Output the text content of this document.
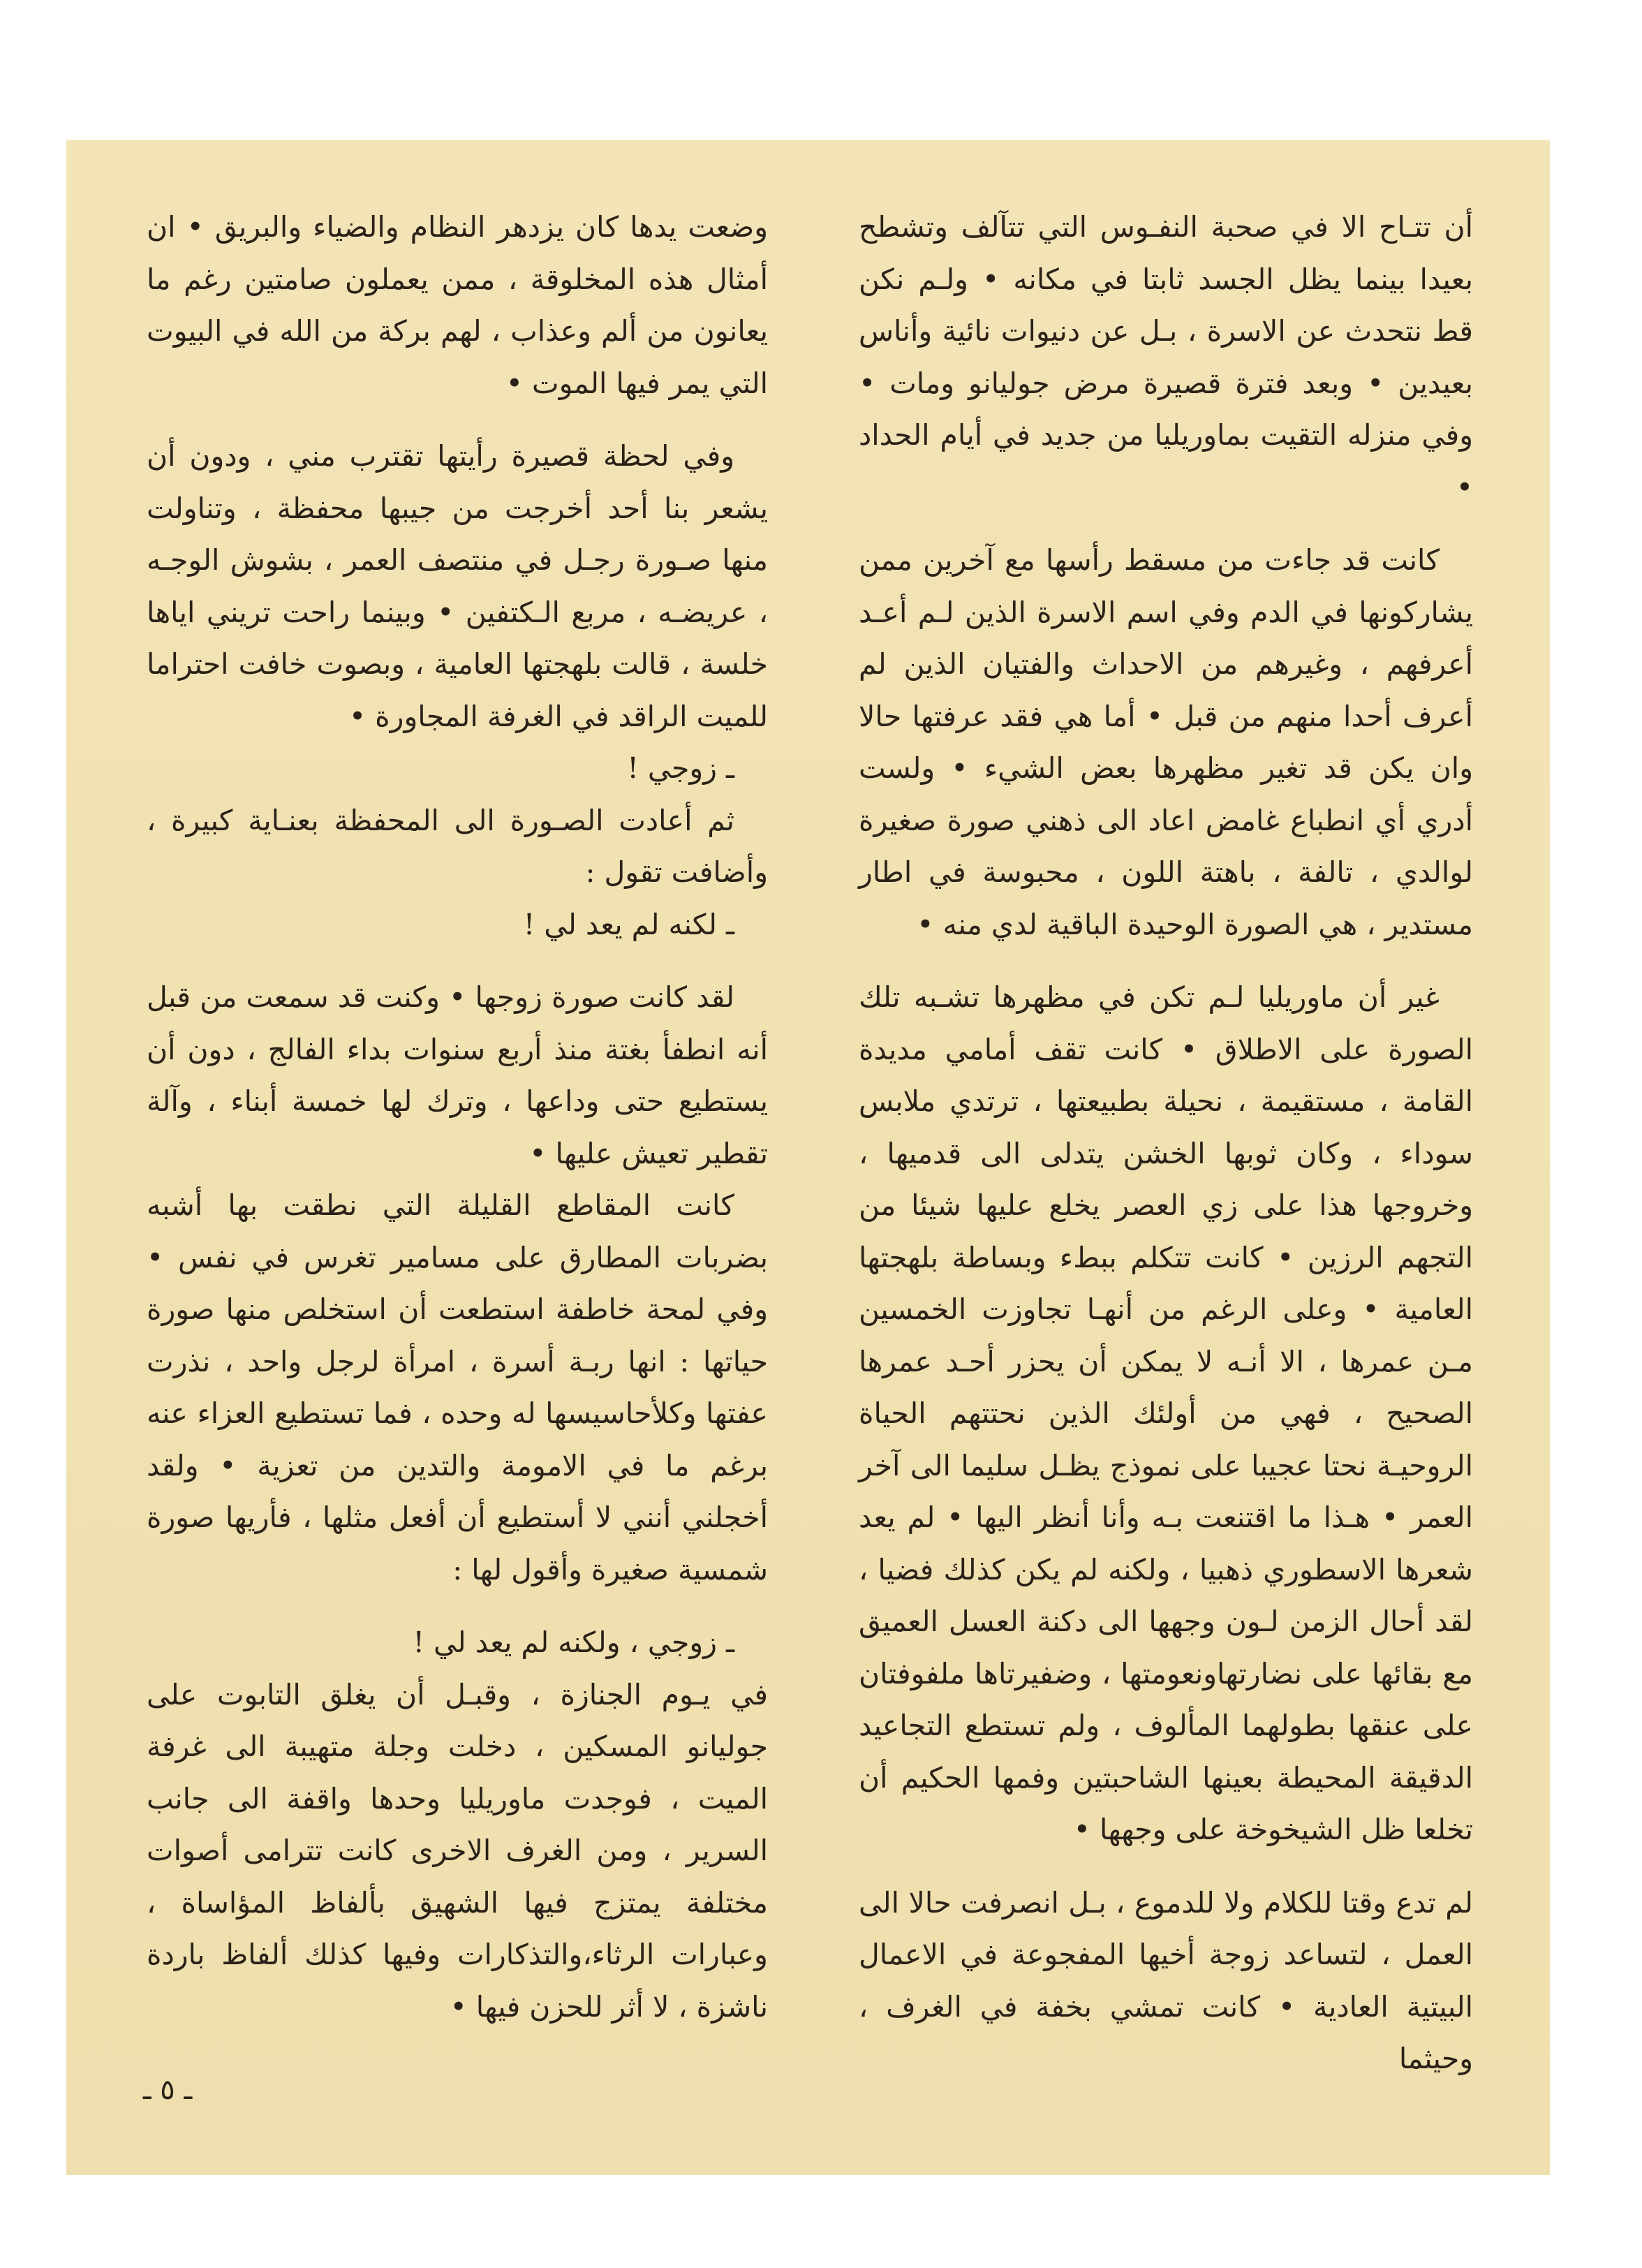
أن تتـاح الا في صحبة النفـوس التي تتآلف وتشطح بعيدا بينما يظل الجسد ثابتا في مكانه • ولـم نكن قط نتحدث عن الاسرة ، بـل عن دنيوات نائية وأناس بعيدين • وبعد فترة قصيرة مرض جوليانو ومات • وفي منزله التقيت بماوريليا من جديد في أيام الحداد •

كانت قد جاءت من مسقط رأسها مع آخرين ممن يشاركونها في الدم وفي اسم الاسرة الذين لـم أعـد أعرفهم ، وغيرهم من الاحداث والفتيان الذين لم أعرف أحدا منهم من قبل • أما هي فقد عرفتها حالا وان يكن قد تغير مظهرها بعض الشيء • ولست أدري أي انطباع غامض اعاد الى ذهني صورة صغيرة لوالدي ، تالفة ، باهتة اللون ، محبوسة في اطار مستدير ، هي الصورة الوحيدة الباقية لدي منه •

غير أن ماوريليا لـم تكن في مظهرها تشـبه تلك الصورة على الاطلاق • كانت تقف أمامي مديدة القامة ، مستقيمة ، نحيلة بطبيعتها ، ترتدي ملابس سوداء ، وكان ثوبها الخشن يتدلى الى قدميها ، وخروجها هذا على زي العصر يخلع عليها شيئا من التجهم الرزين • كانت تتكلم ببطء وبساطة بلهجتها العامية • وعلى الرغم من أنهـا تجاوزت الخمسين مـن عمرها ، الا أنـه لا يمكن أن يحزر أحـد عمرها الصحيح ، فهي من أولئك الذين نحتتهم الحياة الروحيـة نحتا عجيبا على نموذج يظـل سليما الى آخر العمر • هـذا ما اقتنعت بـه وأنا أنظر اليها • لم يعد شعرها الاسطوري ذهبيا ، ولكنه لم يكن كذلك فضيا ، لقد أحال الزمن لـون وجهها الى دكنة العسل العميق مع بقائها على نضارتهاونعومتها ، وضفيرتاها ملفوفتان على عنقها بطولهما المألوف ، ولم تستطع التجاعيد الدقيقة المحيطة بعينها الشاحبتين وفمها الحكيم أن تخلعا ظل الشيخوخة على وجهها •

لم تدع وقتا للكلام ولا للدموع ، بـل انصرفت حالا الى العمل ، لتساعد زوجة أخيها المفجوعة في الاعمال البيتية العادية • كانت تمشي بخفة في الغرف ، وحيثما

وضعت يدها كان يزدهر النظام والضياء والبريق • ان أمثال هذه المخلوقة ، ممن يعملون صامتين رغم ما يعانون من ألم وعذاب ، لهم بركة من الله في البيوت التي يمر فيها الموت •

وفي لحظة قصيرة رأيتها تقترب مني ، ودون أن يشعر بنا أحد أخرجت من جيبها محفظة ، وتناولت منها صـورة رجـل في منتصف العمر ، بشوش الوجـه ، عريضـه ، مربع الـكتفين • وبينما راحت تريني اياها خلسة ، قالت بلهجتها العامية ، وبصوت خافت احتراما للميت الراقد في الغرفة المجاورة •

ـ زوجي !

ثم أعادت الصـورة الى المحفظة بعنـاية كبيرة ، وأضافت تقول :

ـ لكنه لم يعد لي !

لقد كانت صورة زوجها • وكنت قد سمعت من قبل أنه انطفأ بغتة منذ أربع سنوات بداء الفالج ، دون أن يستطيع حتى وداعها ، وترك لها خمسة أبناء ، وآلة تقطير تعيش عليها •

كانت المقاطع القليلة التي نطقت بها أشبه بضربات المطارق على مسامير تغرس في نفس • وفي لمحة خاطفة استطعت أن استخلص منها صورة حياتها : انها ربـة أسرة ، امرأة لرجل واحد ، نذرت عفتها وكلأحاسيسها له وحده ، فما تستطيع العزاء عنه برغم ما في الامومة والتدين من تعزية • ولقد أخجلني أنني لا أستطيع أن أفعل مثلها ، فأريها صورة شمسية صغيرة وأقول لها :

ـ زوجي ، ولكنه لم يعد لي !

في يـوم الجنازة ، وقبـل أن يغلق التابوت على جوليانو المسكين ، دخلت وجلة متهيبة الى غرفة الميت ، فوجدت ماوريليا وحدها واقفة الى جانب السرير ، ومن الغرف الاخرى كانت تترامى أصوات مختلفة يمتزج فيها الشهيق بألفاظ المؤاساة ، وعبارات الرثاء،والتذكارات وفيها كذلك ألفاظ باردة ناشزة ، لا أثر للحزن فيها •

ـ ٥ ـ
